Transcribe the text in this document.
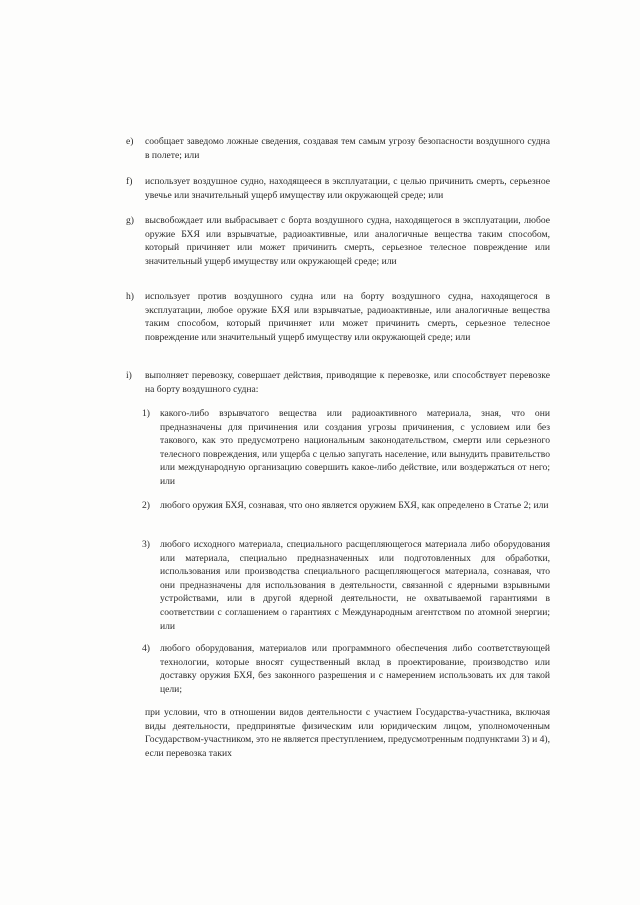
e)	сообщает заведомо ложные сведения, создавая тем самым угрозу безопасности воздушного судна в полете; или
f)	использует воздушное судно, находящееся в эксплуатации, с целью причинить смерть, серьезное увечье или значительный ущерб имуществу или окружающей среде; или
g)	высвобождает или выбрасывает с борта воздушного судна, находящегося в эксплуатации, любое оружие БХЯ или взрывчатые, радиоактивные, или аналогичные вещества таким способом, который причиняет или может причинить смерть, серьезное телесное повреждение или значительный ущерб имуществу или окружающей среде; или
h)	использует против воздушного судна или на борту воздушного судна, находящегося в эксплуатации, любое оружие БХЯ или взрывчатые, радиоактивные, или аналогичные вещества таким способом, который причиняет или может причинить смерть, серьезное телесное повреждение или значительный ущерб имуществу или окружающей среде; или
i)	выполняет перевозку, совершает действия, приводящие к перевозке, или способствует перевозке на борту воздушного судна:
1)	какого-либо взрывчатого вещества или радиоактивного материала, зная, что они предназначены для причинения или создания угрозы причинения, с условием или без такового, как это предусмотрено национальным законодательством, смерти или серьезного телесного повреждения, или ущерба с целью запугать население, или вынудить правительство или международную организацию совершить какое-либо действие, или воздержаться от него; или
2)	любого оружия БХЯ, сознавая, что оно является оружием БХЯ, как определено в Статье 2; или
3)	любого исходного материала, специального расщепляющегося материала либо оборудования или материала, специально предназначенных или подготовленных для обработки, использования или производства специального расщепляющегося материала, сознавая, что они предназначены для использования в деятельности, связанной с ядерными взрывными устройствами, или в другой ядерной деятельности, не охватываемой гарантиями в соответствии с соглашением о гарантиях с Международным агентством по атомной энергии; или
4)	любого оборудования, материалов или программного обеспечения либо соответствующей технологии, которые вносят существенный вклад в проектирование, производство или доставку оружия БХЯ, без законного разрешения и с намерением использовать их для такой цели;
при условии, что в отношении видов деятельности с участием Государства-участника, включая виды деятельности, предпринятые физическим или юридическим лицом, уполномоченным Государством-участником, это не является преступлением, предусмотренным подпунктами 3) и 4), если перевозка таких
